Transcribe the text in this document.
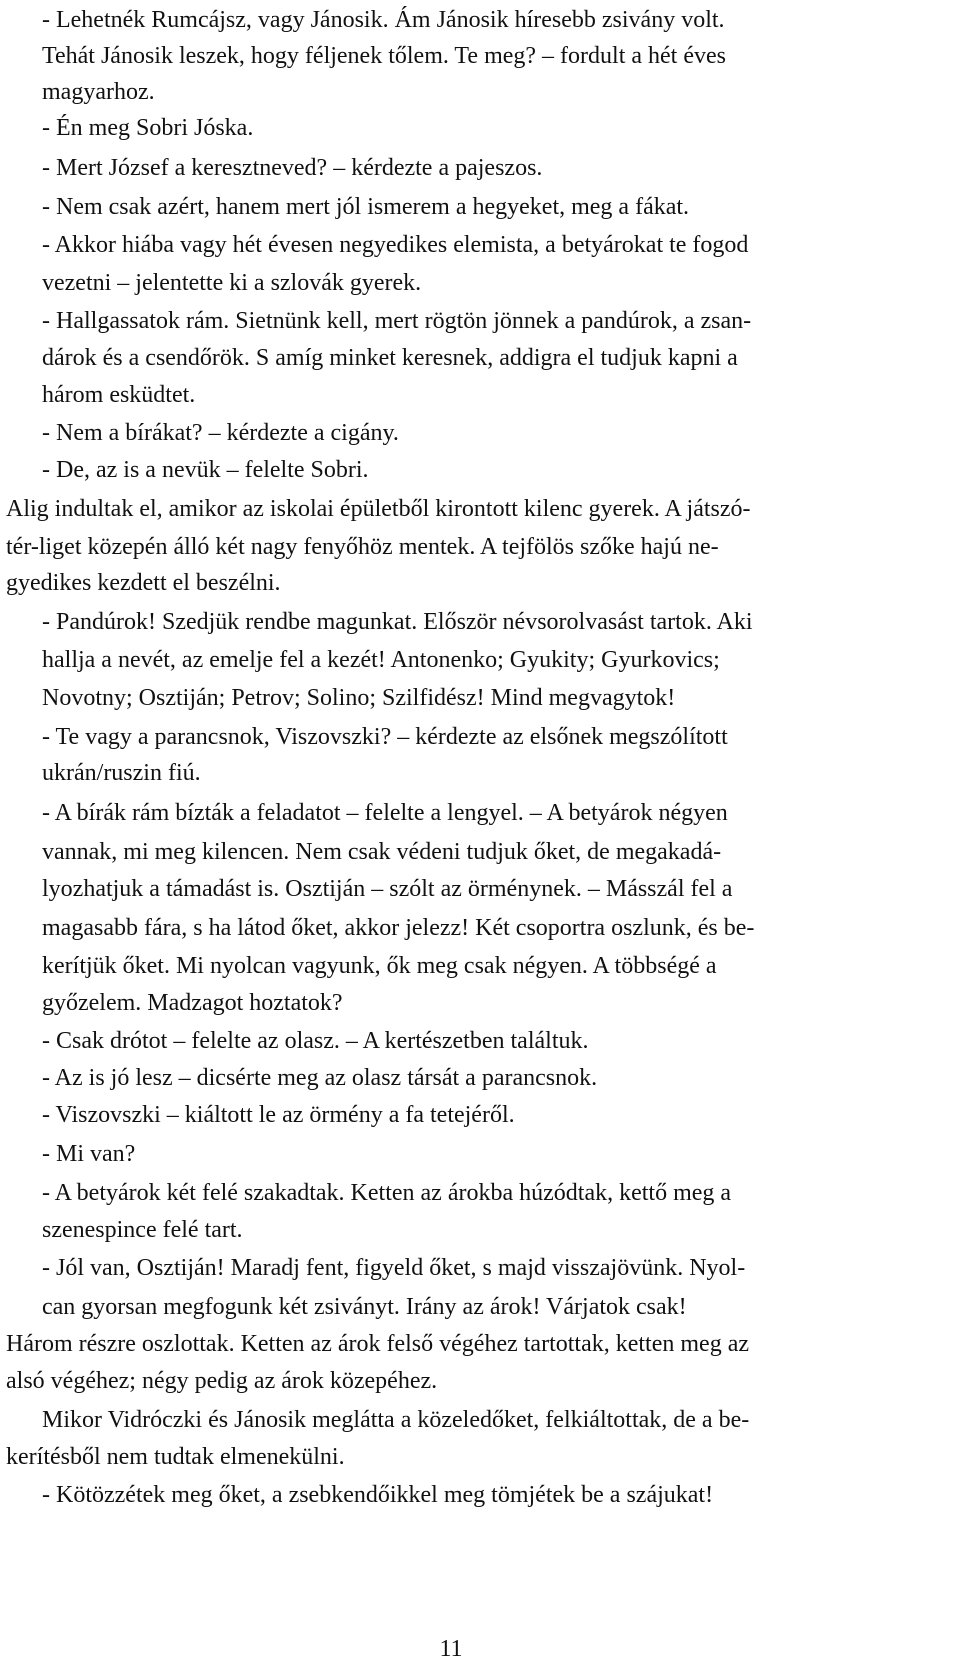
- Lehetnék Rumcájsz, vagy Jánosik. Ám Jánosik híresebb zsivány volt.
Tehát Jánosik leszek, hogy féljenek tőlem. Te meg? – fordult a hét éves
magyarhoz.
- Én meg Sobri Jóska.
- Mert József a keresztneved? – kérdezte a pajeszos.
- Nem csak azért, hanem mert jól ismerem a hegyeket, meg a fákat.
- Akkor hiába vagy hét évesen negyedikes elemista, a betyárokat te fogod
vezetni – jelentette ki a szlovák gyerek.
- Hallgassatok rám. Sietnünk kell, mert rögtön jönnek a pandúrok, a zsan-
dárok és a csendőrök. S amíg minket keresnek, addigra el tudjuk kapni a
három esküdtet.
- Nem a bírákat? – kérdezte a cigány.
- De, az is a nevük – felelte Sobri.
Alig indultak el, amikor az iskolai épületből kirontott kilenc gyerek. A játszó-
tér-liget közepén álló két nagy fenyőhöz mentek. A tejfölös szőke hajú ne-
gyedikes kezdett el beszélni.
- Pandúrok! Szedjük rendbe magunkat. Először névsorolvasást tartok. Aki
hallja a nevét, az emelje fel a kezét! Antonenko; Gyukity; Gyurkovics;
Novotny; Osztiján; Petrov; Solino; Szilfidész! Mind megvagytok!
- Te vagy a parancsnok, Viszovszki? – kérdezte az elsőnek megszólított
ukrán/ruszin fiú.
- A bírák rám bízták a feladatot – felelte a lengyel. – A betyárok négyen
vannak, mi meg kilencen. Nem csak védeni tudjuk őket, de megakadá-
lyozhatjuk a támadást is. Osztiján – szólt az örménynek. – Másszál fel a
magasabb fára, s ha látod őket, akkor jelezz! Két csoportra oszlunk, és be-
kerítjük őket. Mi nyolcan vagyunk, ők meg csak négyen. A többségé a
győzelem. Madzagot hoztatok?
- Csak drótot – felelte az olasz. – A kertészetben találtuk.
- Az is jó lesz – dicsérte meg az olasz társát a parancsnok.
- Viszovszki – kiáltott le az örmény a fa tetejéről.
- Mi van?
- A betyárok két felé szakadtak. Ketten az árokba húzódtak, kettő meg a
szenespince felé tart.
- Jól van, Osztiján! Maradj fent, figyeld őket, s majd visszajövünk. Nyol-
can gyorsan megfogunk két zsiványt. Irány az árok! Várjatok csak!
Három részre oszlottak. Ketten az árok felső végéhez tartottak, ketten meg az
alsó végéhez; négy pedig az árok közepéhez.
Mikor Vidróczki és Jánosik meglátta a közeledőket, felkiáltottak, de a be-
kerítésből nem tudtak elmenekülni.
- Kötözzétek meg őket, a zsebkendőikkel meg tömjétek be a szájukat!
11
